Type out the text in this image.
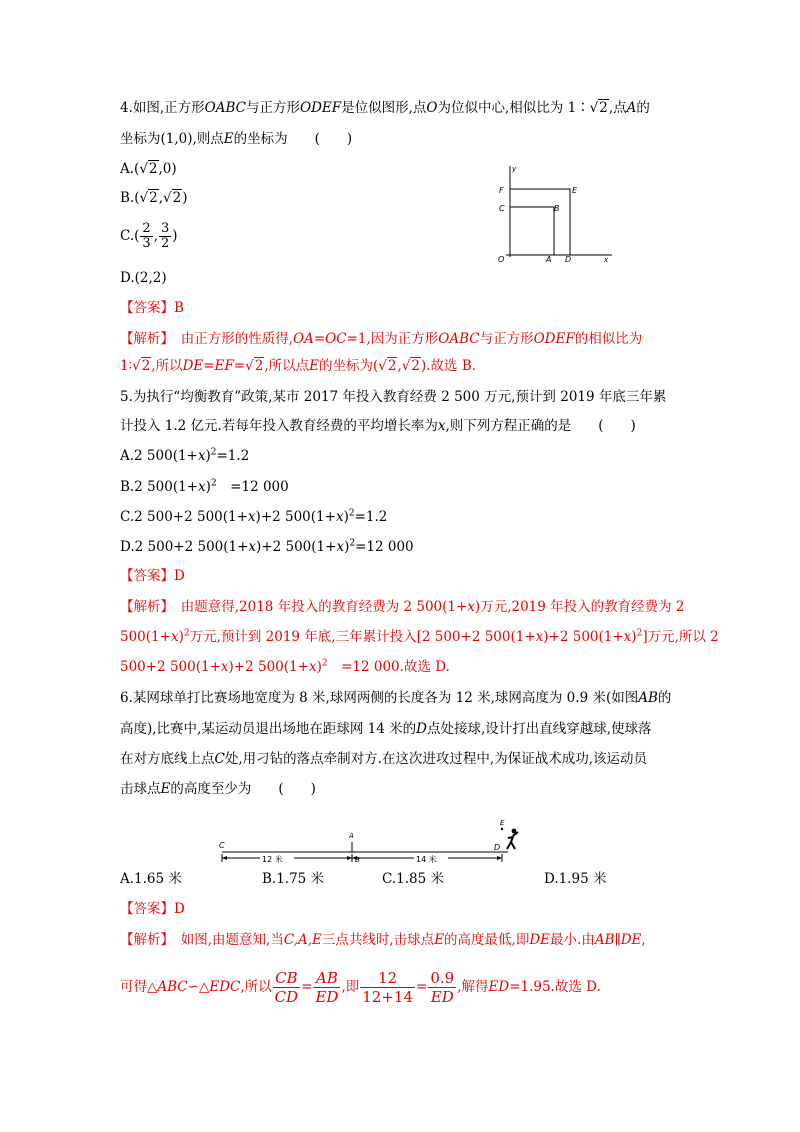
4.如图,正方形OABC与正方形ODEF是位似图形,点O为位似中心,相似比为 1∶√2,点A的
坐标为(1,0),则点E的坐标为　　(　　)
A.(√2,0)
B.(√2,√2)
$C.( \frac{2}{3}$ , $\frac{3}{2}$ )
D.(2,2)
y
x
O	A D
C	B
F	E
【答案】B
【解析】　由正方形的性质得,OA=OC=1,因为正方形OABC与正方形ODEF的相似比为
1∶√2,所以DE=EF=√2,所以点E的坐标为(√2,√2).故选 B.
5.为执行“均衡教育”政策,某市 2017 年投入教育经费 2 500 万元,预计到 2019 年底三年累
计投入 1.2 亿元.若每年投入教育经费的平均增长率为x,则下列方程正确的是　　(　　)
A.2 $500(1+x)^2=1.2$
B.2 $500(1+x)^2$　=12 000
C.2 500+2 500(1+x)+2 $500(1+x)^2=1.2$
D.2 500+2 500(1+x)+2 $500(1+x)^2=12$ 000
【答案】D
【解析】　由题意得,2018 年投入的教育经费为 2 500(1+x)万元,2019 年投入的教育经费为 2
$500(1+x)^2$万元,预计到 2019 年底,三年累计投入[2 500+2 500(1+x)+2 $500(1+x)^2$]万元,所以 2
500+2 500(1+x)+2 $500(1+x)^2$　=12 000.故选 D.
6.某网球单打比赛场地宽度为 8 米,球网两侧的长度各为 12 米,球网高度为 0.9 米(如图AB的
高度),比赛中,某运动员退出场地在距球网 14 米的D点处接球,设计打出直线穿越球,使球落
在对方底线上点C处,用刁钻的落点牵制对方.在这次进攻过程中,为保证战术成功,该运动员
击球点E的高度至少为　　(　　)
12 米	14 米
C
A
B
D
E
A.1.65 米	B.1.75 米	C.1.85 米	D.1.95 米
【答案】D
【解析】　如图,由题意知,当C,A,E三点共线时,击球点E的高度最低,即DE最小.由AB∥DE,
可得△ABC∽△EDC,所以 $\frac{CB}{CD} = \frac{AB}{ED}$ ,即 $\frac{12}{12+14} = \frac{0.9}{ED}$ ,解得ED=1.95.故选 D.
